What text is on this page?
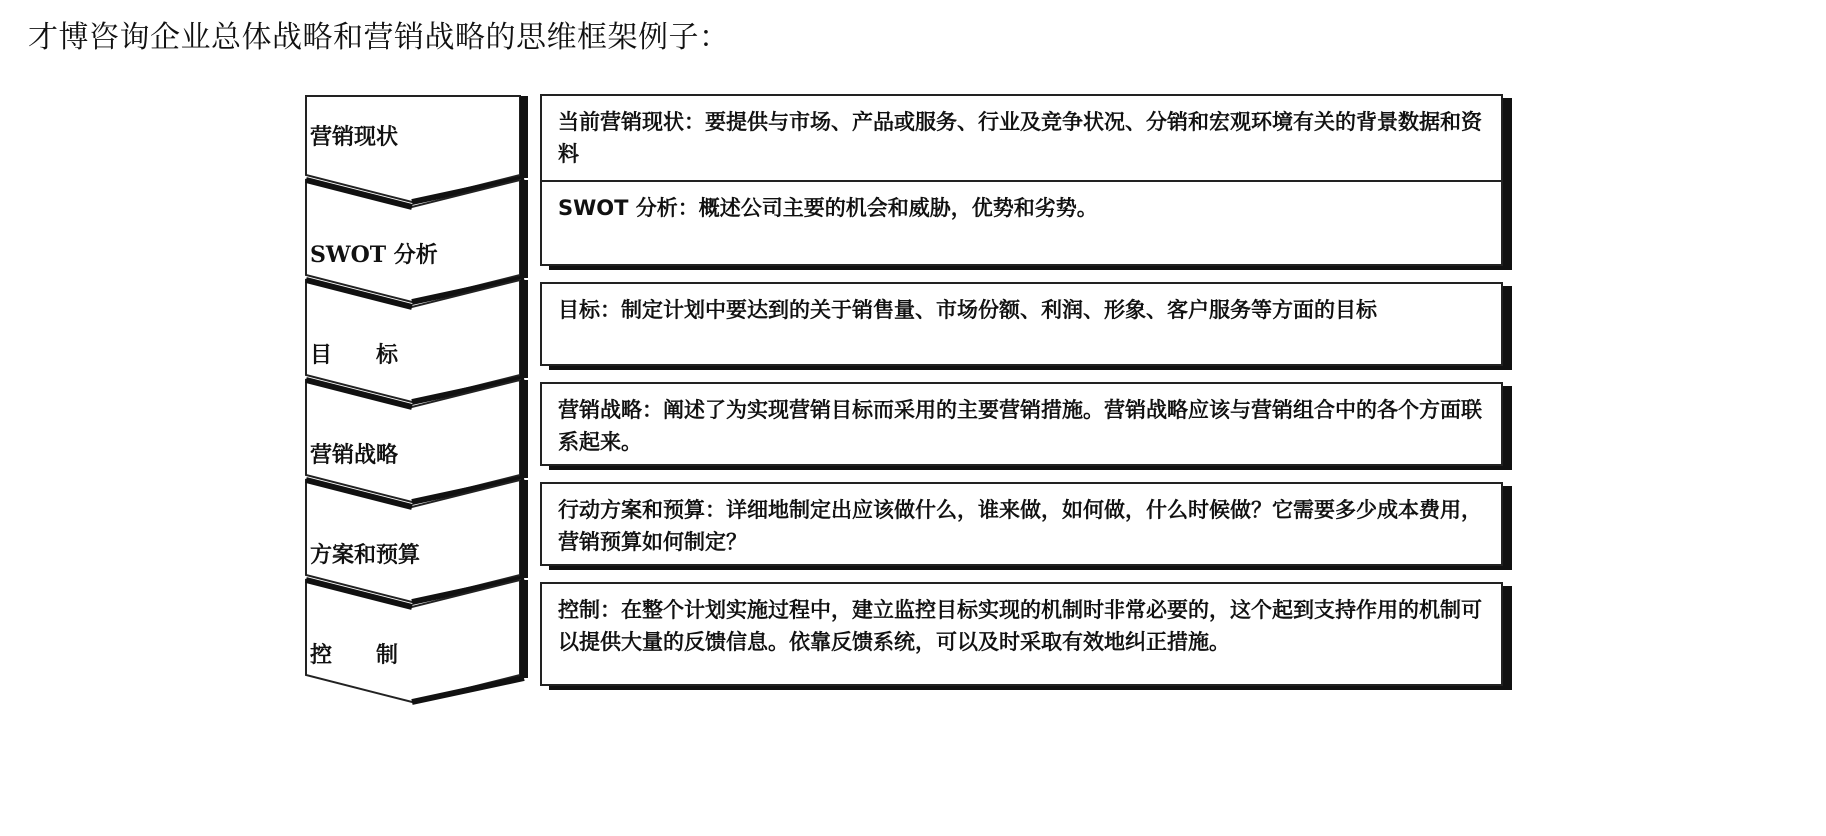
才博咨询企业总体战略和营销战略的思维框架例子：
营销现状
SWOT 分析
目　　标
营销战略
方案和预算
控　　制
当前营销现状：要提供与市场、产品或服务、行业及竞争状况、分销和宏观环境有关的背景数据和资料
SWOT 分析：概述公司主要的机会和威胁，优势和劣势。
目标：制定计划中要达到的关于销售量、市场份额、利润、形象、客户服务等方面的目标
营销战略：阐述了为实现营销目标而采用的主要营销措施。营销战略应该与营销组合中的各个方面联系起来。
行动方案和预算：详细地制定出应该做什么，谁来做，如何做，什么时候做？它需要多少成本费用，营销预算如何制定？
控制：在整个计划实施过程中，建立监控目标实现的机制时非常必要的，这个起到支持作用的机制可以提供大量的反馈信息。依靠反馈系统，可以及时采取有效地纠正措施。
